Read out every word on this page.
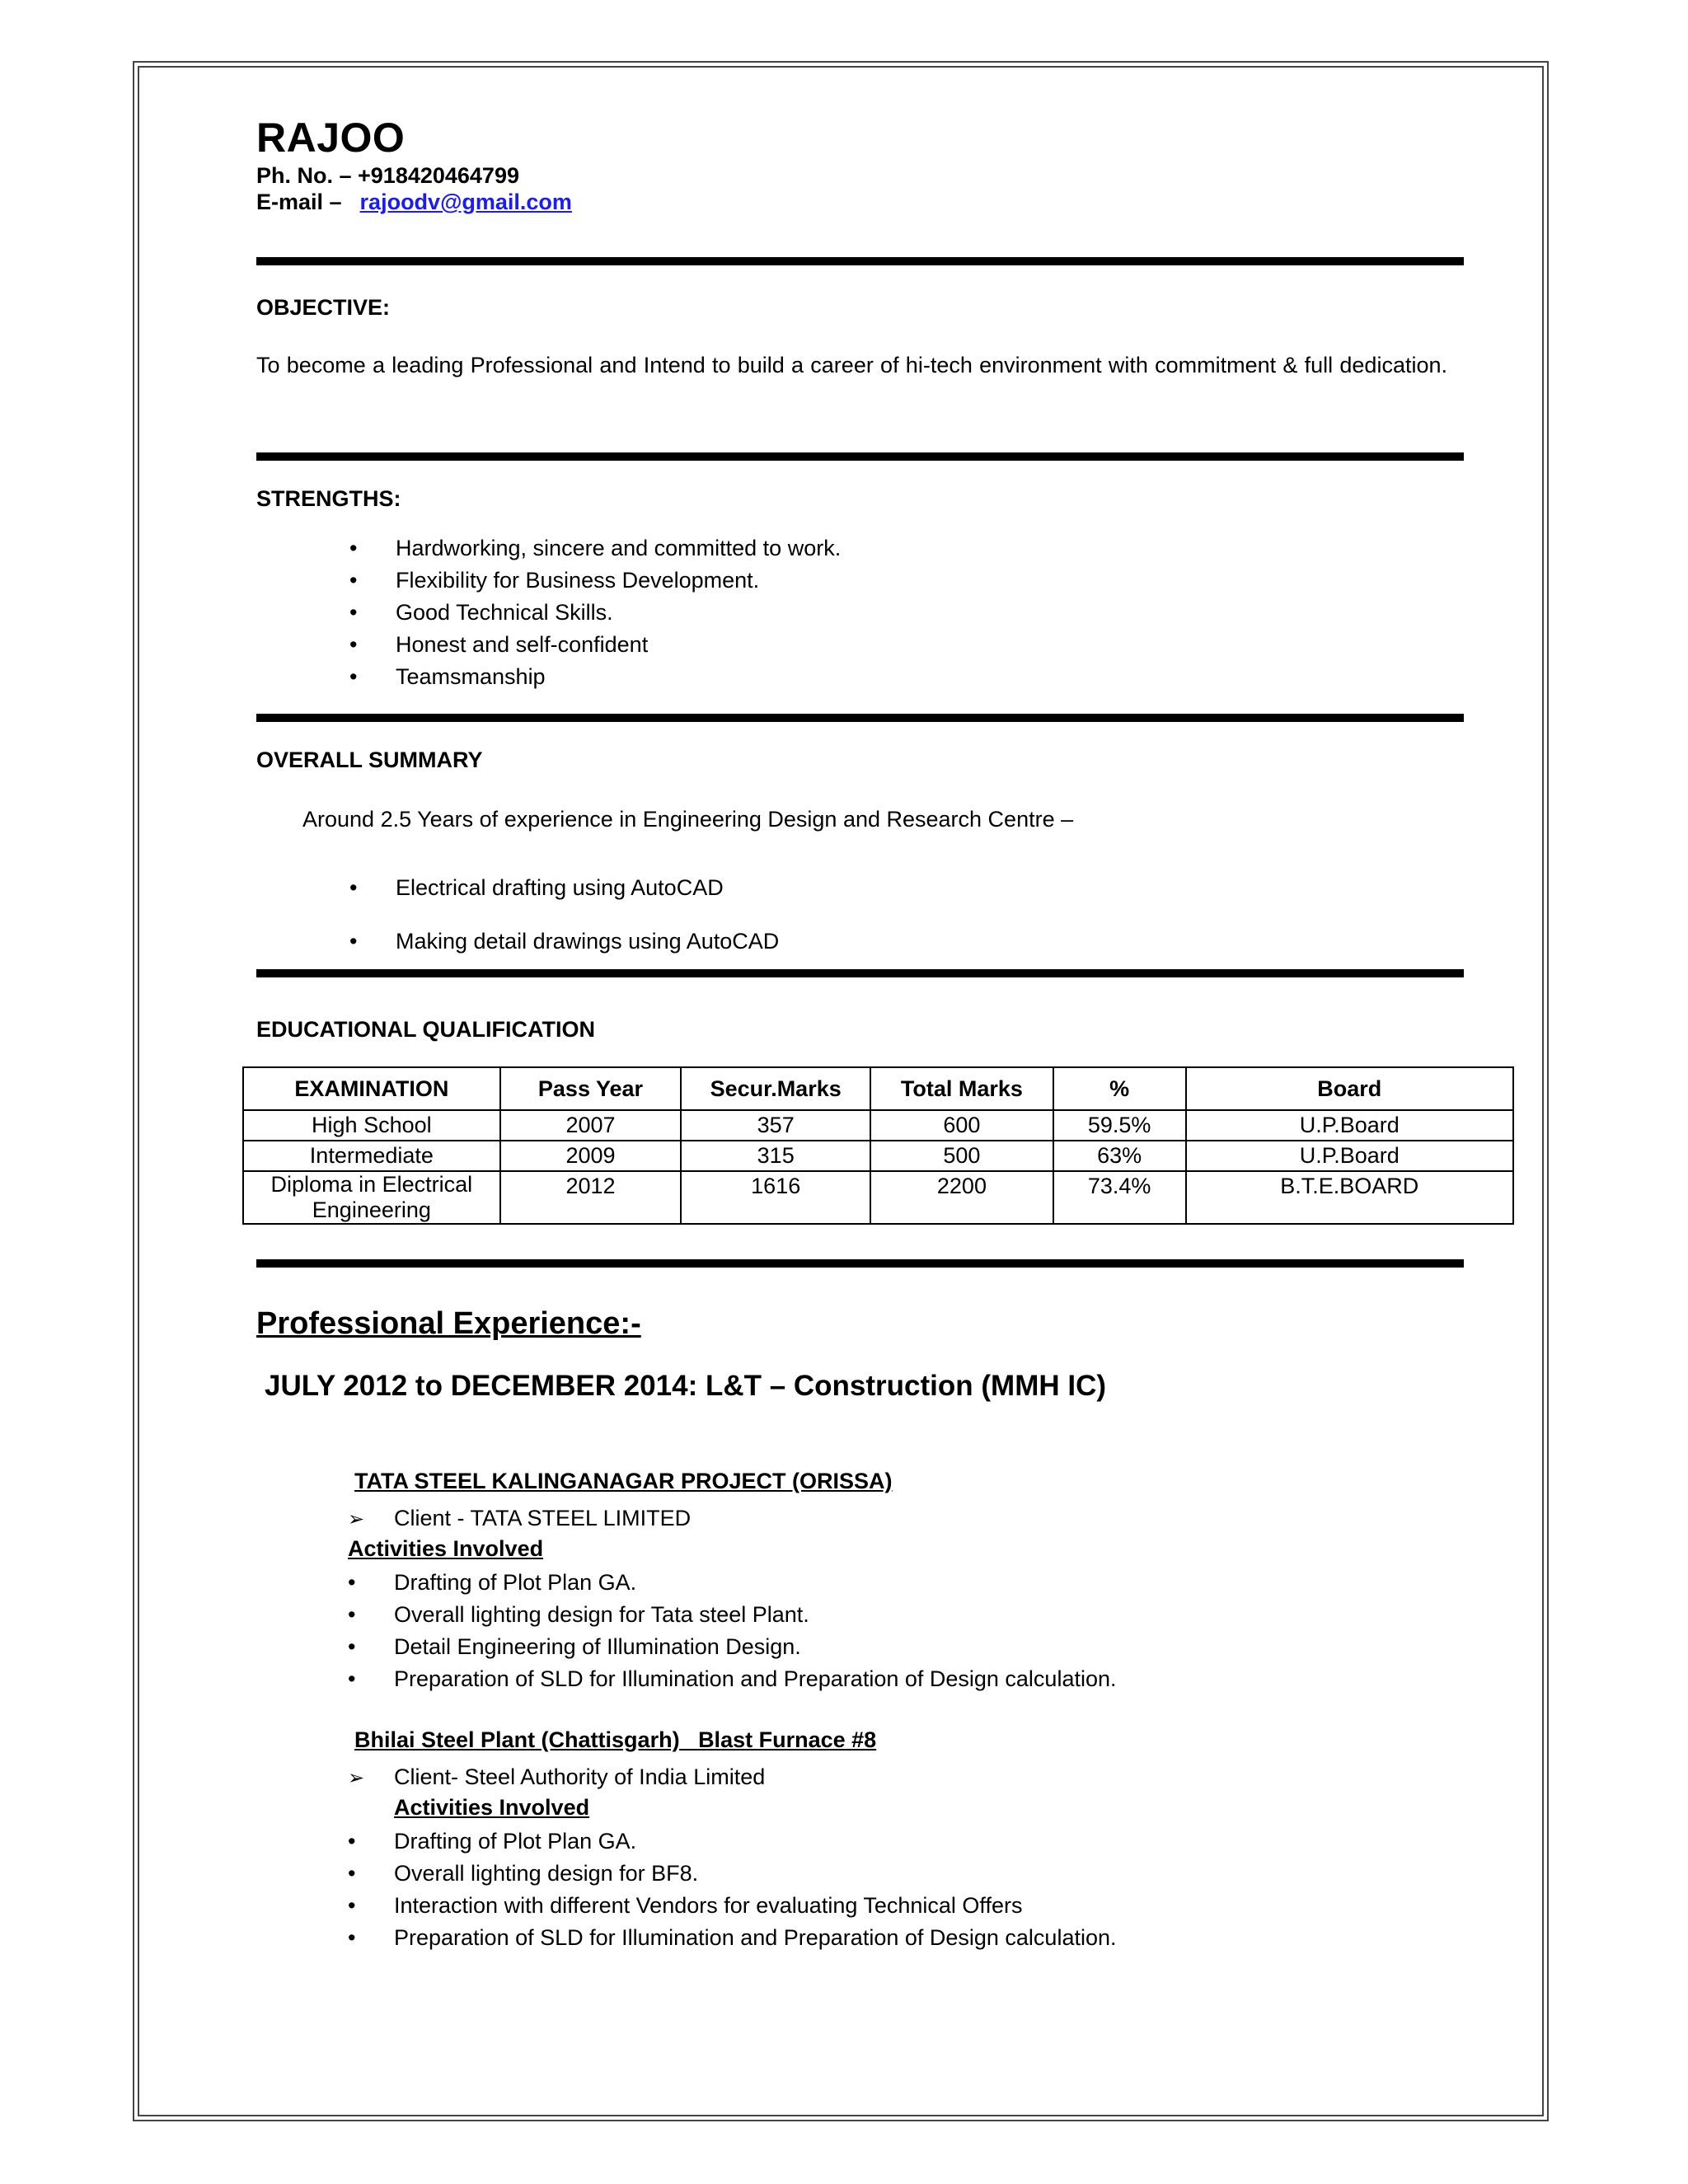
RAJOO
Ph. No. – +918420464799
E-mail – rajoodv@gmail.com
OBJECTIVE:
To become a leading Professional and Intend to build a career of hi-tech environment with commitment & full dedication.
STRENGTHS:
• Hardworking, sincere and committed to work.
• Flexibility for Business Development.
• Good Technical Skills.
• Honest and self-confident
• Teamsmanship
OVERALL SUMMARY
Around 2.5 Years of experience in Engineering Design and Research Centre –
• Electrical drafting using AutoCAD
• Making detail drawings using AutoCAD
EDUCATIONAL QUALIFICATION
EXAMINATION	Pass Year	Secur.Marks	Total Marks	%	Board
High School	2007	357	600	59.5%	U.P.Board
Intermediate	2009	315	500	63%	U.P.Board
Diploma in Electrical Engineering	2012	1616	2200	73.4%	B.T.E.BOARD
Professional Experience:-
JULY 2012 to DECEMBER 2014: L&T – Construction (MMH IC)
TATA STEEL KALINGANAGAR PROJECT (ORISSA)
➢ Client - TATA STEEL LIMITED
Activities Involved
• Drafting of Plot Plan GA.
• Overall lighting design for Tata steel Plant.
• Detail Engineering of Illumination Design.
• Preparation of SLD for Illumination and Preparation of Design calculation.
Bhilai Steel Plant (Chattisgarh)   Blast Furnace #8
➢ Client- Steel Authority of India Limited
Activities Involved
• Drafting of Plot Plan GA.
• Overall lighting design for BF8.
• Interaction with different Vendors for evaluating Technical Offers
• Preparation of SLD for Illumination and Preparation of Design calculation.
